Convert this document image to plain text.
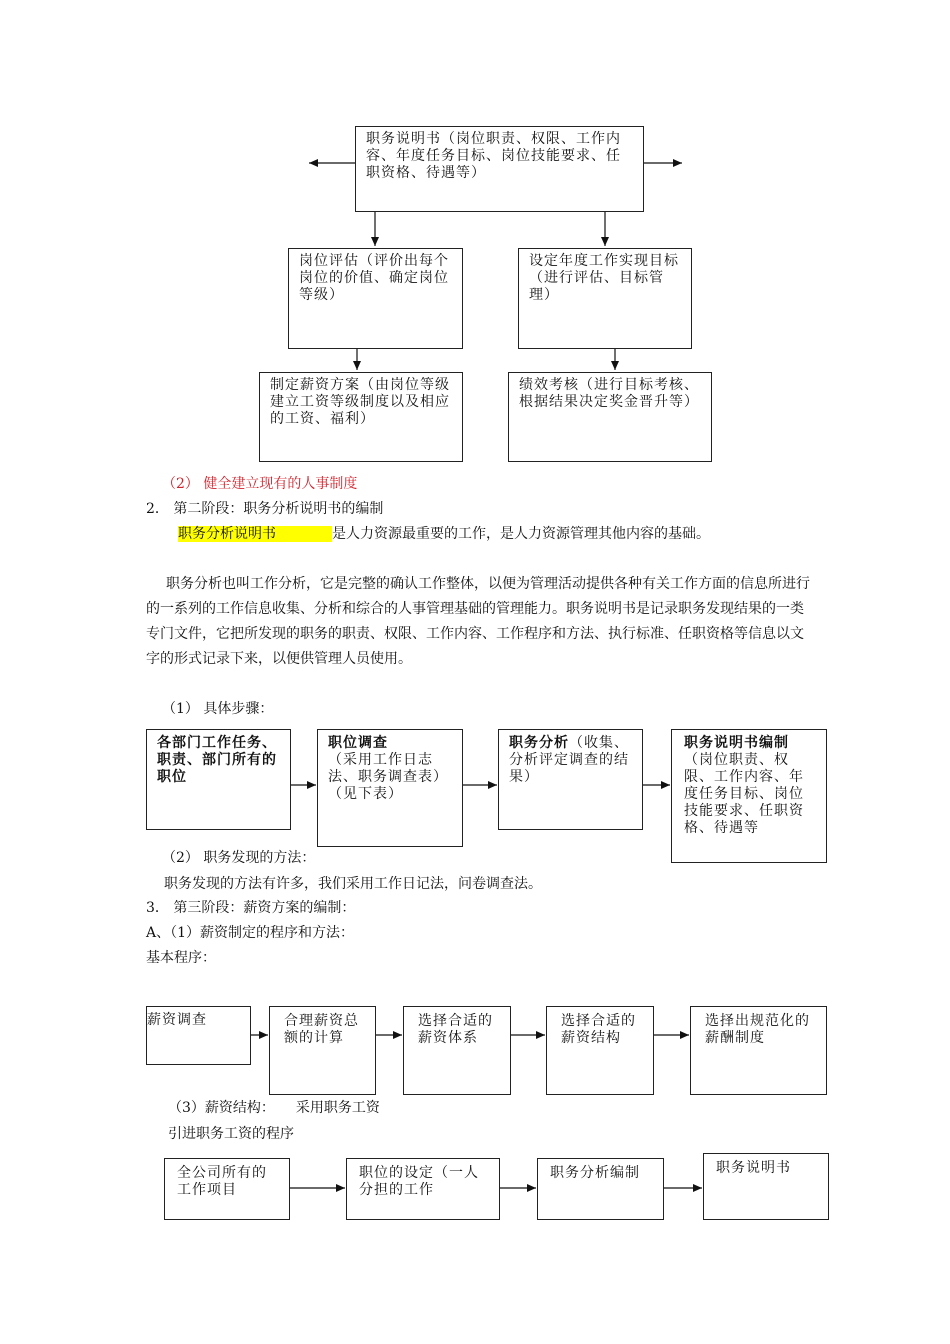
职务说明书（岗位职责、权限、工作内容、年度任务目标、岗位技能要求、任职资格、待遇等）
岗位评估（评价出每个岗位的价值、确定岗位等级）
设定年度工作实现目标（进行评估、目标管理）
制定薪资方案（由岗位等级建立工资等级制度以及相应的工资、福利）
绩效考核（进行目标考核、根据结果决定奖金晋升等）
（2） 健全建立现有的人事制度
2． 第二阶段：职务分析说明书的编制
职务分析说明书　　　　	是人力资源最重要的工作，是人力资源管理其他内容的基础。
职务分析也叫工作分析，它是完整的确认工作整体，以便为管理活动提供各种有关工作方面的信息所进行的一系列的工作信息收集、分析和综合的人事管理基础的管理能力。职务说明书是记录职务发现结果的一类专门文件，它把所发现的职务的职责、权限、工作内容、工作程序和方法、执行标准、任职资格等信息以文字的形式记录下来，以便供管理人员使用。
（1） 具体步骤：
各部门工作任务、职责、部门所有的职位
职位调查
（采用工作日志法、职务调查表）（见下表）
职务分析（收集、分析评定调查的结果）
职务说明书编制（岗位职责、权限、工作内容、年度任务目标、岗位技能要求、任职资格、待遇等
（2） 职务发现的方法：
职务发现的方法有许多，我们采用工作日记法，问卷调查法。
3． 第三阶段：薪资方案的编制：
A、（1）薪资制定的程序和方法：
基本程序：
薪资调查	合理薪资总额的计算
选择合适的薪资体系
选择合适的薪资结构
选择出规范化的薪酬制度
（3）薪资结构：　　采用职务工资
引进职务工资的程序
全公司所有的工作项目
职位的设定（一人分担的工作
职务分析编制	职务说明书
